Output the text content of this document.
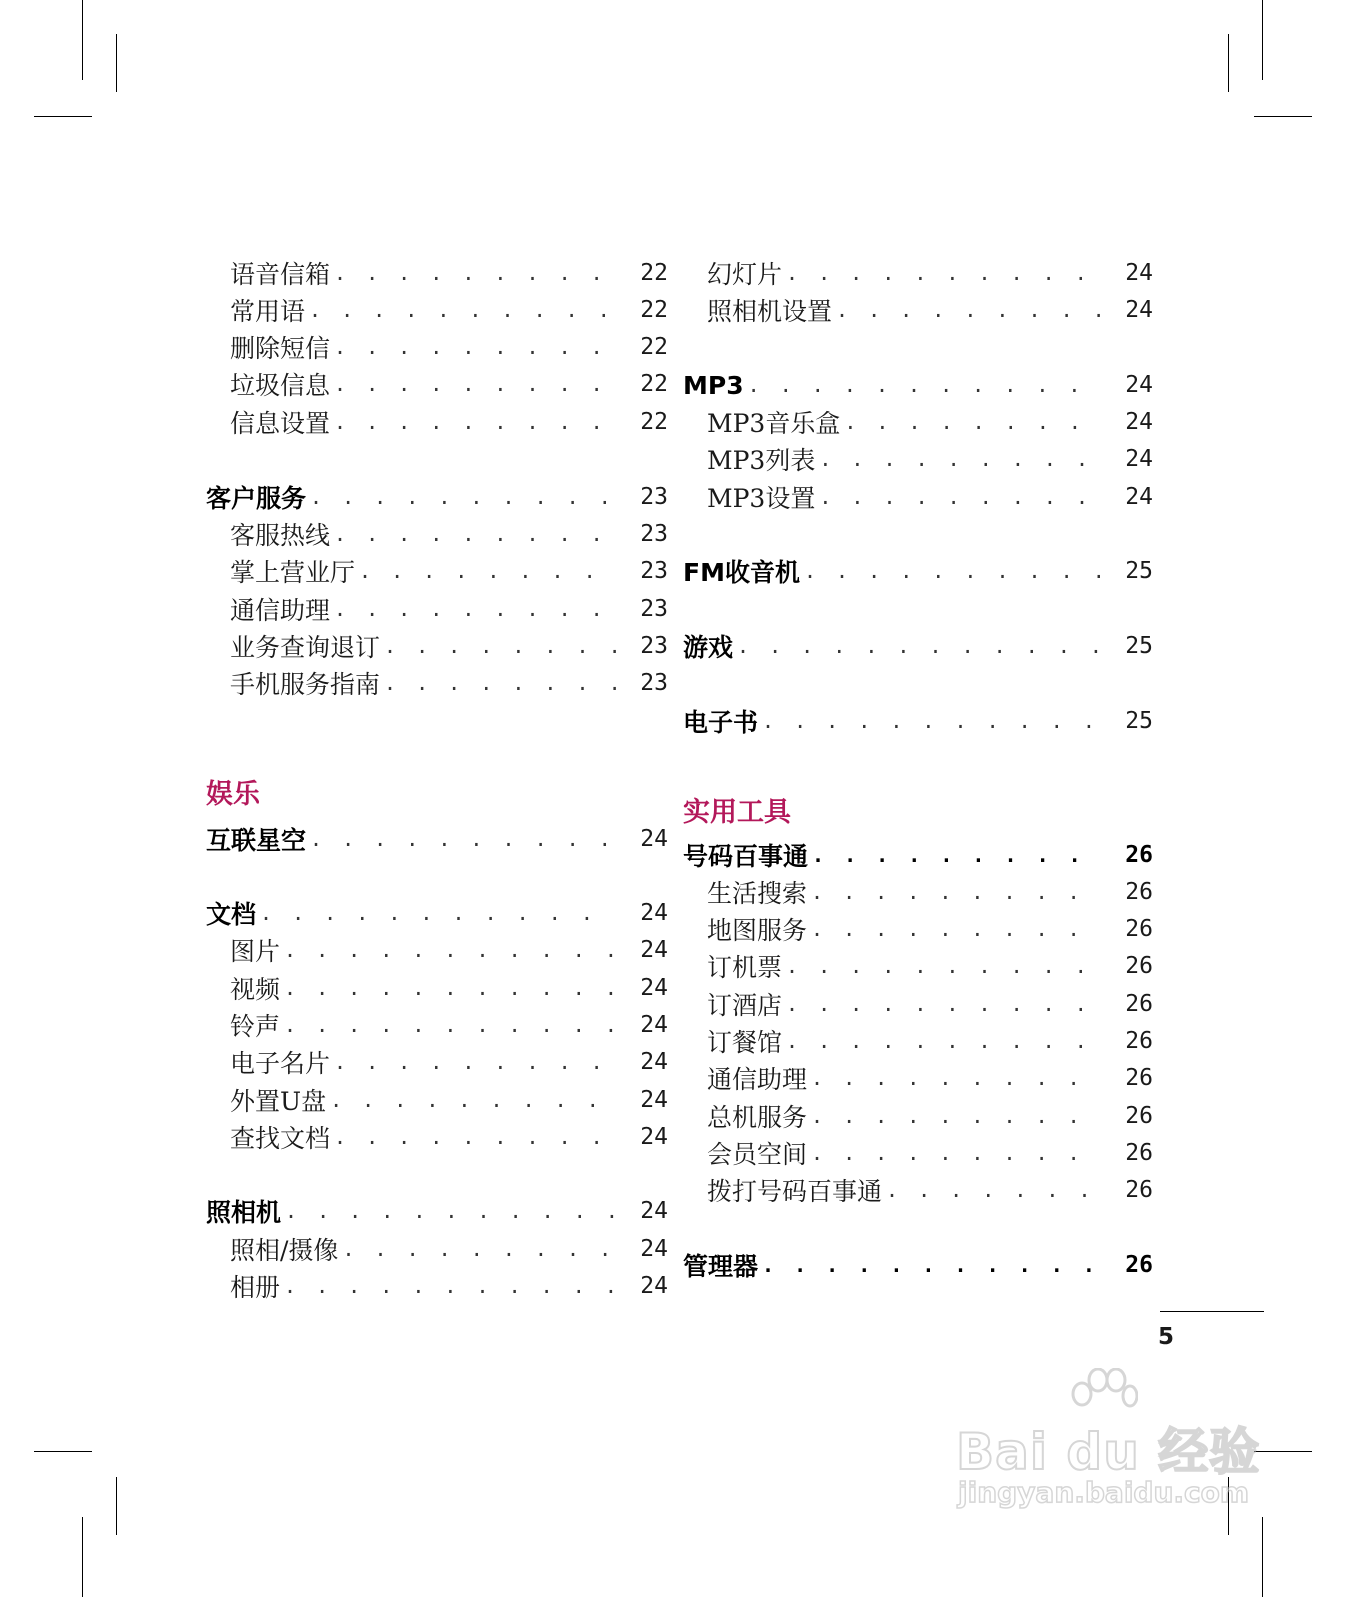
娱乐
语音信箱 . . .	22
常用语 . . .	22
删除短信 . . .	22
垃圾信息 . . .	22
信息设置 . . .	22
客户服务 . . .	23
客服热线 . . .	23
掌上营业厅 . . .	23
通信助理 . . .	23
业务查询退订 . . .	23
手机服务指南 . . .	23
互联星空 . . .	24
文档 . . .	24
图片 . . .	24
视频 . . .	24
铃声 . . .	24
电子名片 . . .	24
外置U盘 . . .	24
查找文档 . . .	24
照相机 . . .	24
照相/摄像 . . .	24
相册 . . .	24
实用工具
幻灯片 . . .	24
照相机设置 . . .	24
MP3 . . .	24
MP3音乐盒 . . .	24
MP3列表 . . .	24
MP3设置 . . .	24
FM收音机 . . .	25
游戏 . . .	25
电子书 . . .	25
号码百事通 . . .	26
生活搜索 . . .	26
地图服务 . . .	26
订机票 . . .	26
订酒店 . . .	26
订餐馆 . . .	26
通信助理 . . .	26
总机服务 . . .	26
会员空间 . . .	26
拨打号码百事通 . . .	26
管理器 . . .	26
5
Bai du 经验
jingyan.baidu.com
